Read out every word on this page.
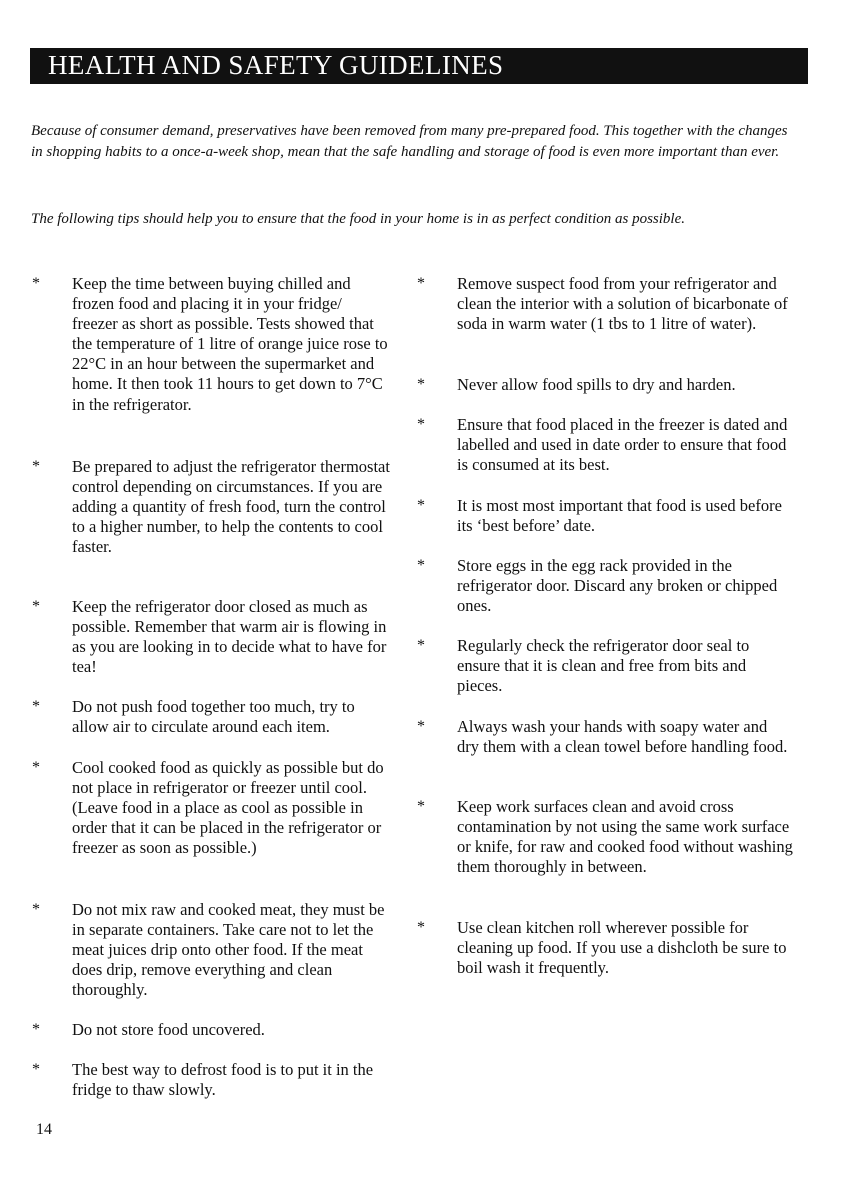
HEALTH AND SAFETY GUIDELINES

Because of consumer demand, preservatives have been removed from many pre-prepared food. This together with the changes in shopping habits to a once-a-week shop, mean that the safe handling and storage of food is even more important than ever.

The following tips should help you to ensure that the food in your home is in as perfect condition as possible.

* Keep the time between buying chilled and frozen food and placing it in your fridge/ freezer as short as possible. Tests showed that the temperature of 1 litre of orange juice rose to 22°C in an hour between the supermarket and home. It then took 11 hours to get down to 7°C in the refrigerator.
* Be prepared to adjust the refrigerator thermostat control depending on circumstances. If you are adding a quantity of fresh food, turn the control to a higher number, to help the contents to cool faster.
* Keep the refrigerator door closed as much as possible. Remember that warm air is flowing in as you are looking in to decide what to have for tea!
* Do not push food together too much, try to allow air to circulate around each item.
* Cool cooked food as quickly as possible but do not place in refrigerator or freezer until cool. (Leave food in a place as cool as possible in order that it can be placed in the refrigerator or freezer as soon as possible.)
* Do not mix raw and cooked meat, they must be in separate containers. Take care not to let the meat juices drip onto other food. If the meat does drip, remove everything and clean thoroughly.
* Do not store food uncovered.
* The best way to defrost food is to put it in the fridge to thaw slowly.
* Remove suspect food from your refrigerator and clean the interior with a solution of bicarbonate of soda in warm water (1 tbs to 1 litre of water).
* Never allow food spills to dry and harden.
* Ensure that food placed in the freezer is dated and labelled and used in date order to ensure that food is consumed at its best.
* It is most most important that food is used before its ‘best before’ date.
* Store eggs in the egg rack provided in the refrigerator door. Discard any broken or chipped ones.
* Regularly check the refrigerator door seal to ensure that it is clean and free from bits and pieces.
* Always wash your hands with soapy water and dry them with a clean towel before handling food.
* Keep work surfaces clean and avoid cross contamination by not using the same work surface or knife, for raw and cooked food without washing them thoroughly in between.
* Use clean kitchen roll wherever possible for cleaning up food. If you use a dishcloth be sure to boil wash it frequently.
14
